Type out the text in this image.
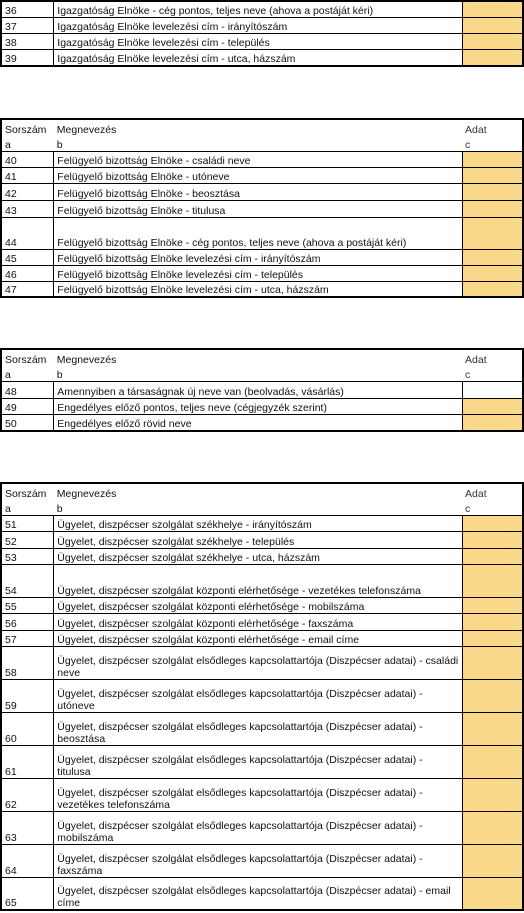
36	Igazgatóság Elnöke - cég pontos, teljes neve (ahova a postáját kéri)	
37	Igazgatóság Elnöke levelezési cím - irányítószám	
38	Igazgatóság Elnöke levelezési cím - település	
39	Igazgatóság Elnöke levelezési cím - utca, házszám	
Sorszám	Megnevezés	Adat
a	b	c
40	Felügyelő bizottság Elnöke - családi neve	
41	Felügyelő bizottság Elnöke - utóneve	
42	Felügyelő bizottság Elnöke - beosztása	
43	Felügyelő bizottság Elnöke - titulusa	
44	Felügyelő bizottság Elnöke - cég pontos, teljes neve (ahova a postáját kéri)	
45	Felügyelő bizottság Elnöke levelezési cím - irányítószám	
46	Felügyelő bizottság Elnöke levelezési cím - település	
47	Felügyelő bizottság Elnöke levelezési cím - utca, házszám	
Sorszám	Megnevezés	Adat
a	b	c
48	Amennyiben a társaságnak új neve van (beolvadás, vásárlás)	
49	Engedélyes előző pontos, teljes neve (cégjegyzék szerint)	
50	Engedélyes előző rövid neve	
Sorszám	Megnevezés	Adat
a	b	c
51	Ügyelet, diszpécser szolgálat székhelye - irányítószám	
52	Ügyelet, diszpécser szolgálat székhelye - település	
53	Ügyelet, diszpécser szolgálat székhelye - utca, házszám	
54	Ügyelet, diszpécser szolgálat központi elérhetősége - vezetékes telefonszáma	
55	Ügyelet, diszpécser szolgálat központi elérhetősége - mobilszáma	
56	Ügyelet, diszpécser szolgálat központi elérhetősége - faxszáma	
57	Ügyelet, diszpécser szolgálat központi elérhetősége - email címe	
58	Ügyelet, diszpécser szolgálat elsődleges kapcsolattartója (Diszpécser adatai) - családi neve	
59	Ügyelet, diszpécser szolgálat elsődleges kapcsolattartója (Diszpécser adatai) - utóneve	
60	Ügyelet, diszpécser szolgálat elsődleges kapcsolattartója (Diszpécser adatai) - beosztása	
61	Ügyelet, diszpécser szolgálat elsődleges kapcsolattartója (Diszpécser adatai) - titulusa	
62	Ügyelet, diszpécser szolgálat elsődleges kapcsolattartója (Diszpécser adatai) - vezetékes telefonszáma	
63	Ügyelet, diszpécser szolgálat elsődleges kapcsolattartója (Diszpécser adatai) - mobilszáma	
64	Ügyelet, diszpécser szolgálat elsődleges kapcsolattartója (Diszpécser adatai) - faxszáma	
65	Ügyelet, diszpécser szolgálat elsődleges kapcsolattartója (Diszpécser adatai) - email címe	
